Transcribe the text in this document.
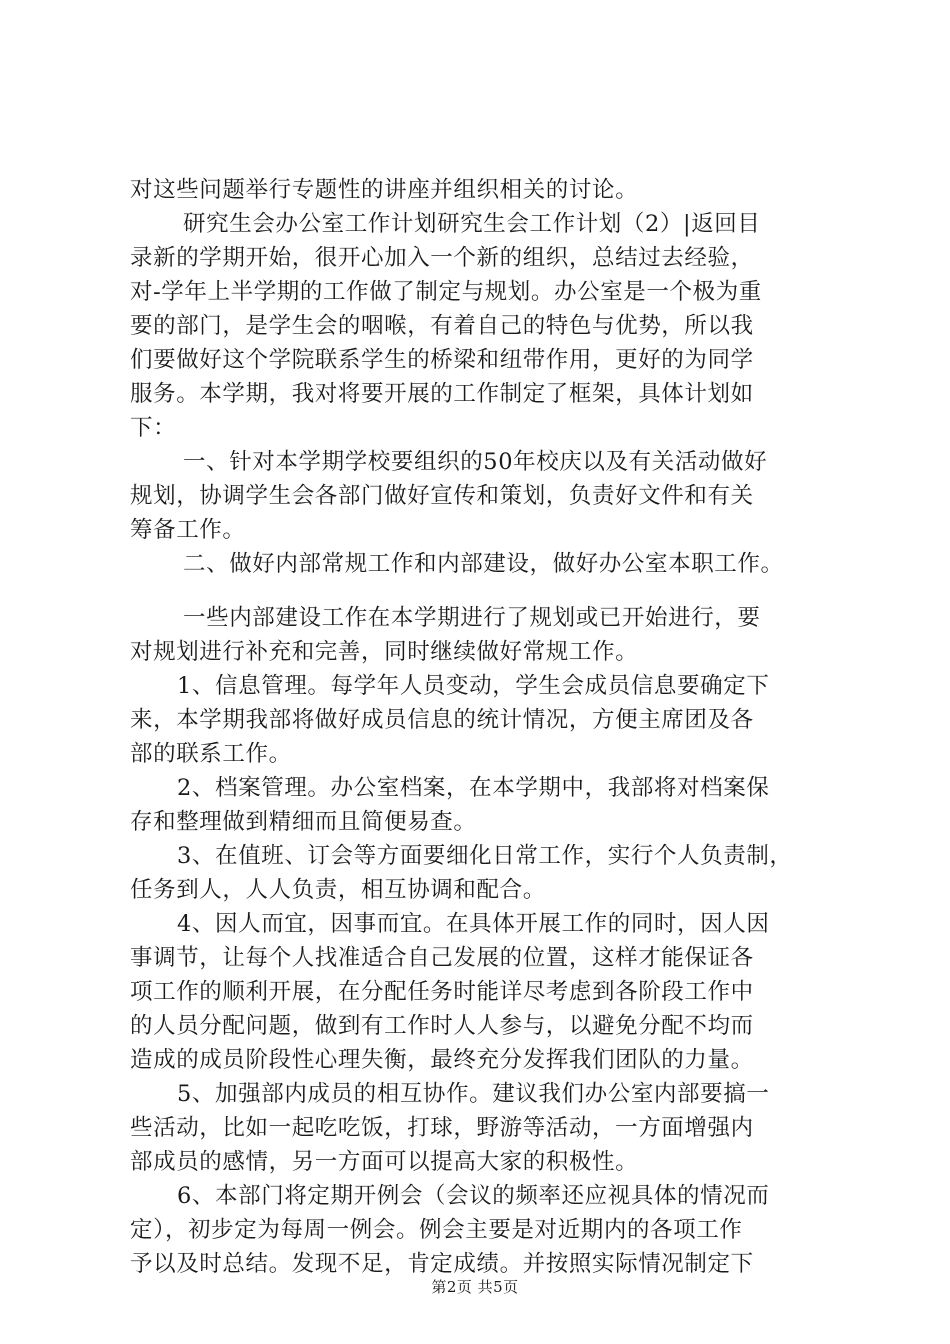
对这些问题举行专题性的讲座并组织相关的讨论。
研究生会办公室工作计划研究生会工作计划（2）|返回目
录新的学期开始，很开心加入一个新的组织，总结过去经验，
对-学年上半学期的工作做了制定与规划。办公室是一个极为重
要的部门，是学生会的咽喉，有着自己的特色与优势，所以我
们要做好这个学院联系学生的桥梁和纽带作用，更好的为同学
服务。本学期，我对将要开展的工作制定了框架，具体计划如
下：
一、针对本学期学校要组织的50年校庆以及有关活动做好
规划，协调学生会各部门做好宣传和策划，负责好文件和有关
筹备工作。
二、做好内部常规工作和内部建设，做好办公室本职工作。
一些内部建设工作在本学期进行了规划或已开始进行，要
对规划进行补充和完善，同时继续做好常规工作。
1、信息管理。每学年人员变动，学生会成员信息要确定下
来，本学期我部将做好成员信息的统计情况，方便主席团及各
部的联系工作。
2、档案管理。办公室档案，在本学期中，我部将对档案保
存和整理做到精细而且简便易查。
3、在值班、订会等方面要细化日常工作，实行个人负责制，
任务到人，人人负责，相互协调和配合。
4、因人而宜，因事而宜。在具体开展工作的同时，因人因
事调节，让每个人找准适合自己发展的位置，这样才能保证各
项工作的顺利开展，在分配任务时能详尽考虑到各阶段工作中
的人员分配问题，做到有工作时人人参与，以避免分配不均而
造成的成员阶段性心理失衡，最终充分发挥我们团队的力量。
5、加强部内成员的相互协作。建议我们办公室内部要搞一
些活动，比如一起吃吃饭，打球，野游等活动，一方面增强内
部成员的感情，另一方面可以提高大家的积极性。
6、本部门将定期开例会（会议的频率还应视具体的情况而
定），初步定为每周一例会。例会主要是对近期内的各项工作
予以及时总结。发现不足，肯定成绩。并按照实际情况制定下
第2页 共5页
